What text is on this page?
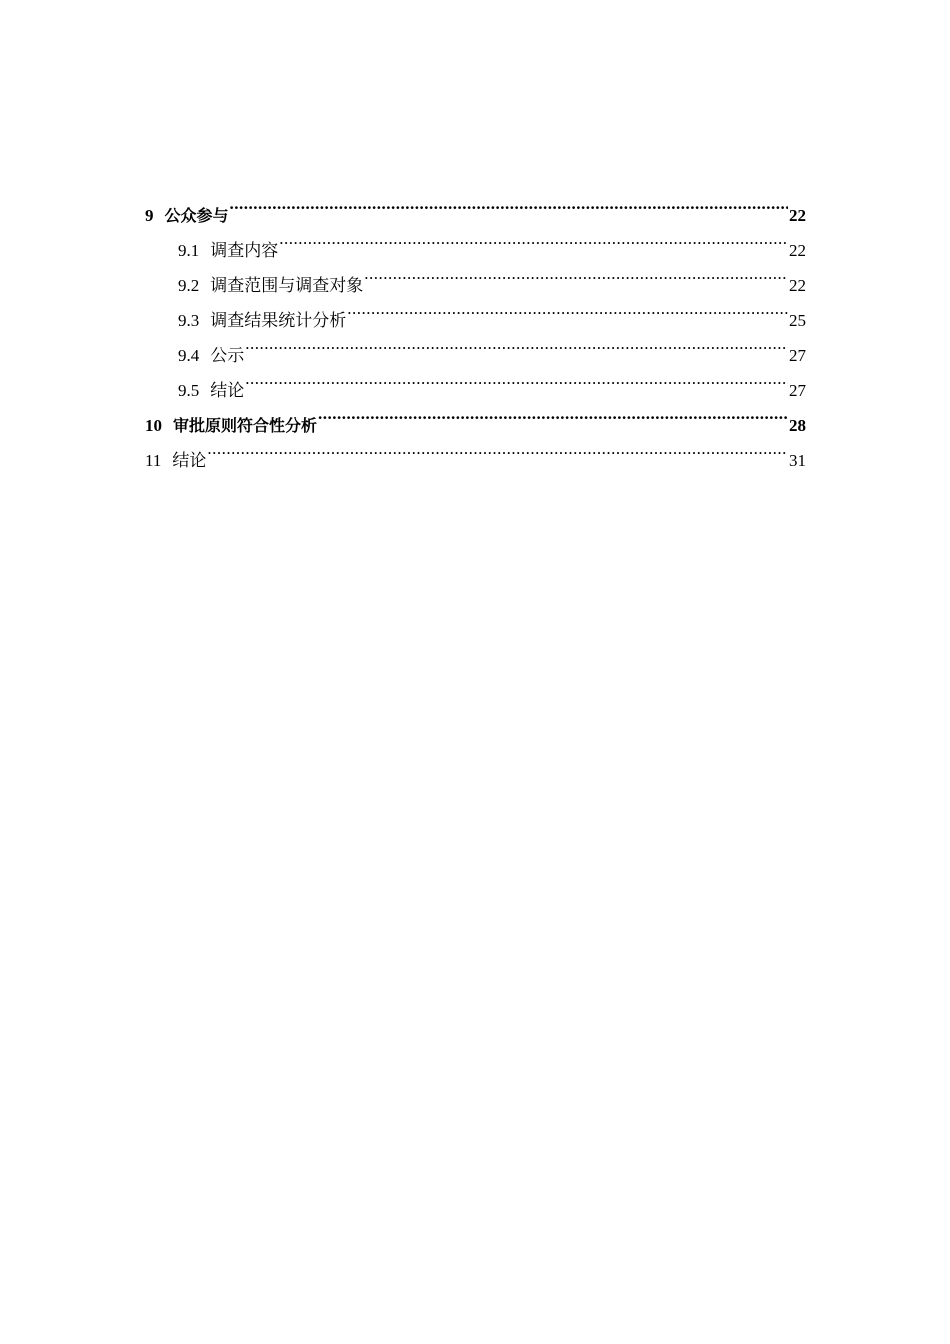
9 公众参与 .....	22
9.1 调查内容 .....	22
9.2 调查范围与调查对象 .....	22
9.3 调查结果统计分析 .....	25
9.4 公示 .....	27
9.5 结论 .....	27
10 审批原则符合性分析 .....	28
11 结论 .....	31
